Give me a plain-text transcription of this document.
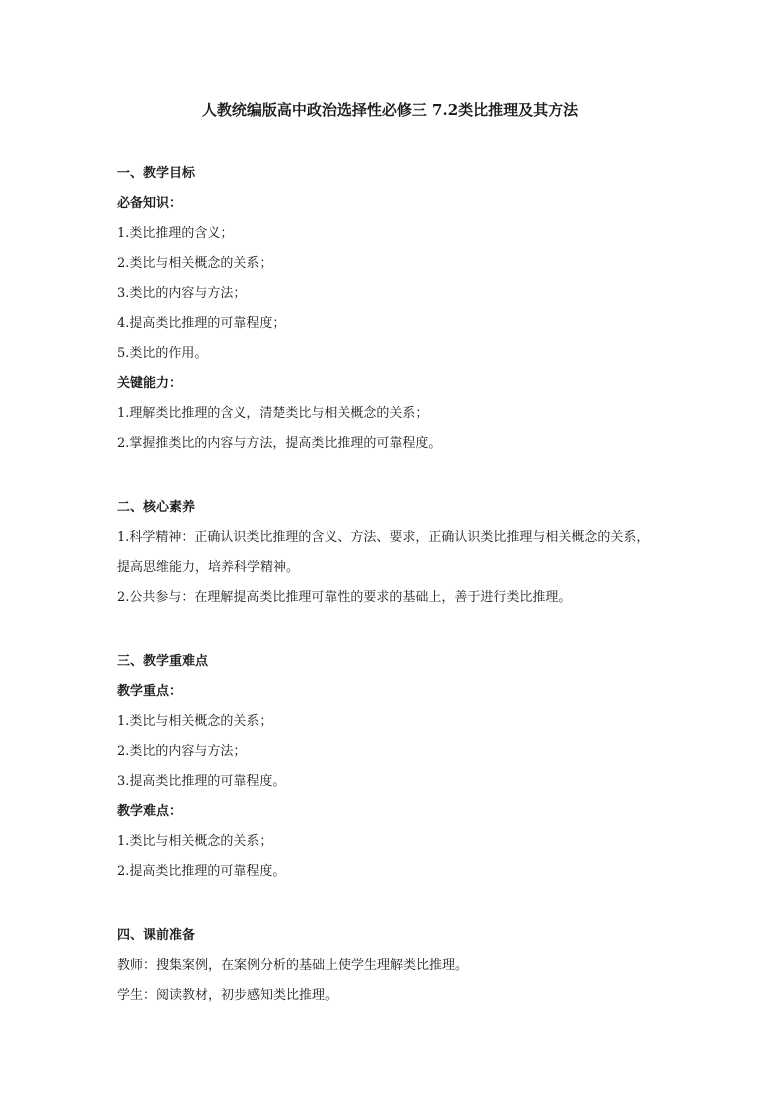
人教统编版高中政治选择性必修三 7.2类比推理及其方法

一、教学目标

必备知识：

1.类比推理的含义；

2.类比与相关概念的关系；

3.类比的内容与方法；

4.提高类比推理的可靠程度；

5.类比的作用。

关键能力：

1.理解类比推理的含义，清楚类比与相关概念的关系；

2.掌握推类比的内容与方法，提高类比推理的可靠程度。

二、核心素养

1.科学精神：正确认识类比推理的含义、方法、要求，正确认识类比推理与相关概念的关系，

提高思维能力，培养科学精神。

2.公共参与：在理解提高类比推理可靠性的要求的基础上，善于进行类比推理。

三、教学重难点

教学重点：

1.类比与相关概念的关系；

2.类比的内容与方法；

3.提高类比推理的可靠程度。

教学难点：

1.类比与相关概念的关系；

2.提高类比推理的可靠程度。

四、课前准备

教师：搜集案例，在案例分析的基础上使学生理解类比推理。

学生：阅读教材，初步感知类比推理。
